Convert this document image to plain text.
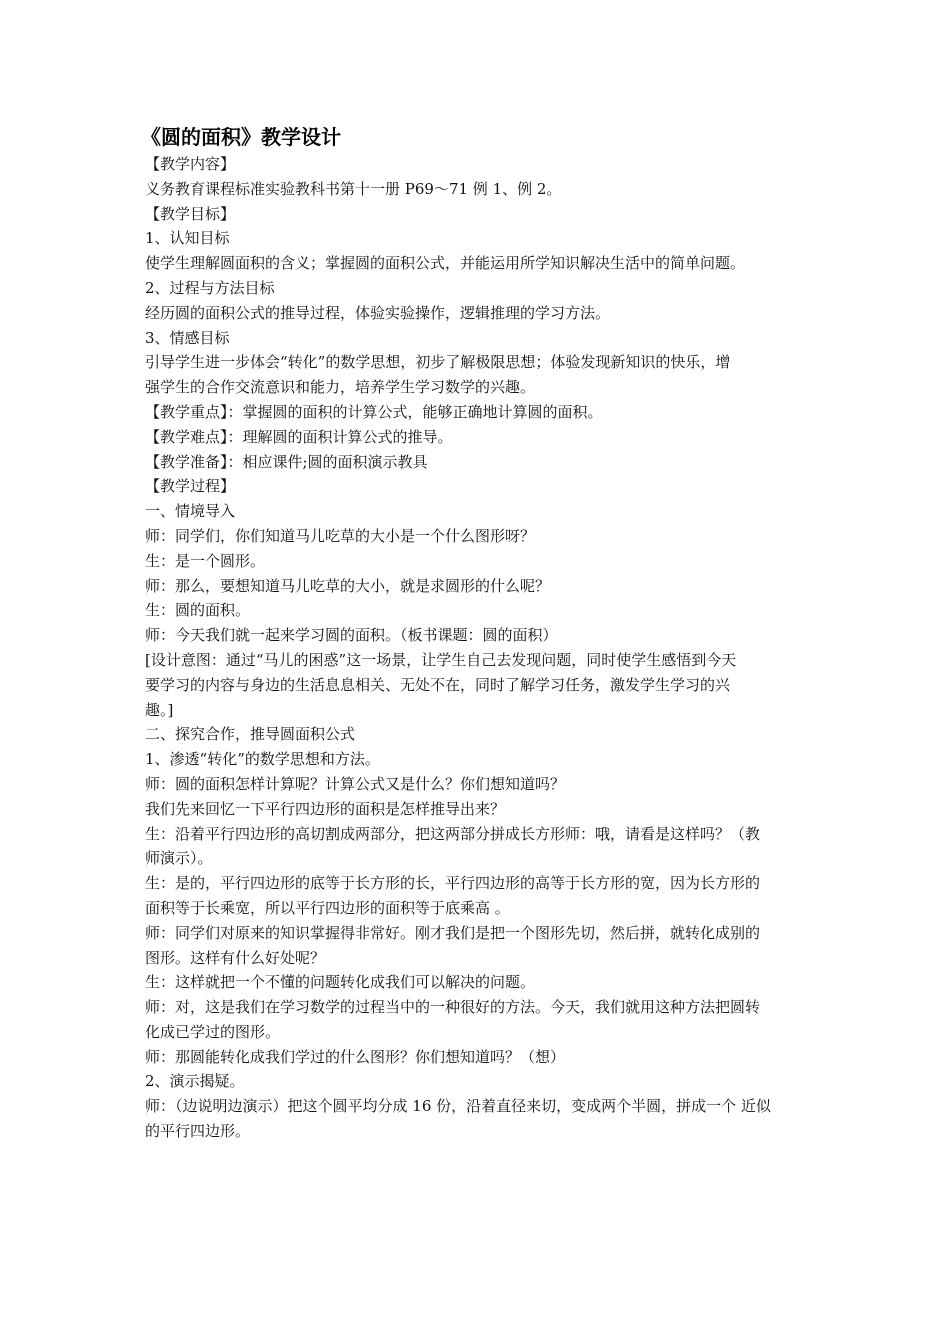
《圆的面积》教学设计
【教学内容】
义务教育课程标准实验教科书第十一册 P69～71 例 1、例 2。
【教学目标】
1、认知目标
使学生理解圆面积的含义；掌握圆的面积公式，并能运用所学知识解决生活中的简单问题。
2、过程与方法目标
经历圆的面积公式的推导过程，体验实验操作，逻辑推理的学习方法。
3、情感目标
引导学生进一步体会“转化”的数学思想，初步了解极限思想；体验发现新知识的快乐，增
强学生的合作交流意识和能力，培养学生学习数学的兴趣。
【教学重点】：掌握圆的面积的计算公式，能够正确地计算圆的面积。
【教学难点】：理解圆的面积计算公式的推导。
【教学准备】：相应课件;圆的面积演示教具
【教学过程】
一、情境导入
师：同学们，你们知道马儿吃草的大小是一个什么图形呀？
生：是一个圆形。
师：那么，要想知道马儿吃草的大小，就是求圆形的什么呢？
生：圆的面积。
师：今天我们就一起来学习圆的面积。（板书课题：圆的面积）
[设计意图：通过“马儿的困惑”这一场景，让学生自己去发现问题，同时使学生感悟到今天
要学习的内容与身边的生活息息相关、无处不在，同时了解学习任务，激发学生学习的兴
趣。]
二、探究合作，推导圆面积公式
1、渗透“转化”的数学思想和方法。
师：圆的面积怎样计算呢？计算公式又是什么？你们想知道吗？
我们先来回忆一下平行四边形的面积是怎样推导出来？
生：沿着平行四边形的高切割成两部分，把这两部分拼成长方形师：哦，请看是这样吗？（教
师演示）。
生：是的，平行四边形的底等于长方形的长，平行四边形的高等于长方形的宽，因为长方形的
面积等于长乘宽，所以平行四边形的面积等于底乘高 。
师：同学们对原来的知识掌握得非常好。刚才我们是把一个图形先切，然后拼，就转化成别的
图形。这样有什么好处呢？
生：这样就把一个不懂的问题转化成我们可以解决的问题。
师：对，这是我们在学习数学的过程当中的一种很好的方法。今天，我们就用这种方法把圆转
化成已学过的图形。
师：那圆能转化成我们学过的什么图形？你们想知道吗？（想）
2、演示揭疑。
师：（边说明边演示）把这个圆平均分成 16 份，沿着直径来切，变成两个半圆，拼成一个 近似
的平行四边形。
